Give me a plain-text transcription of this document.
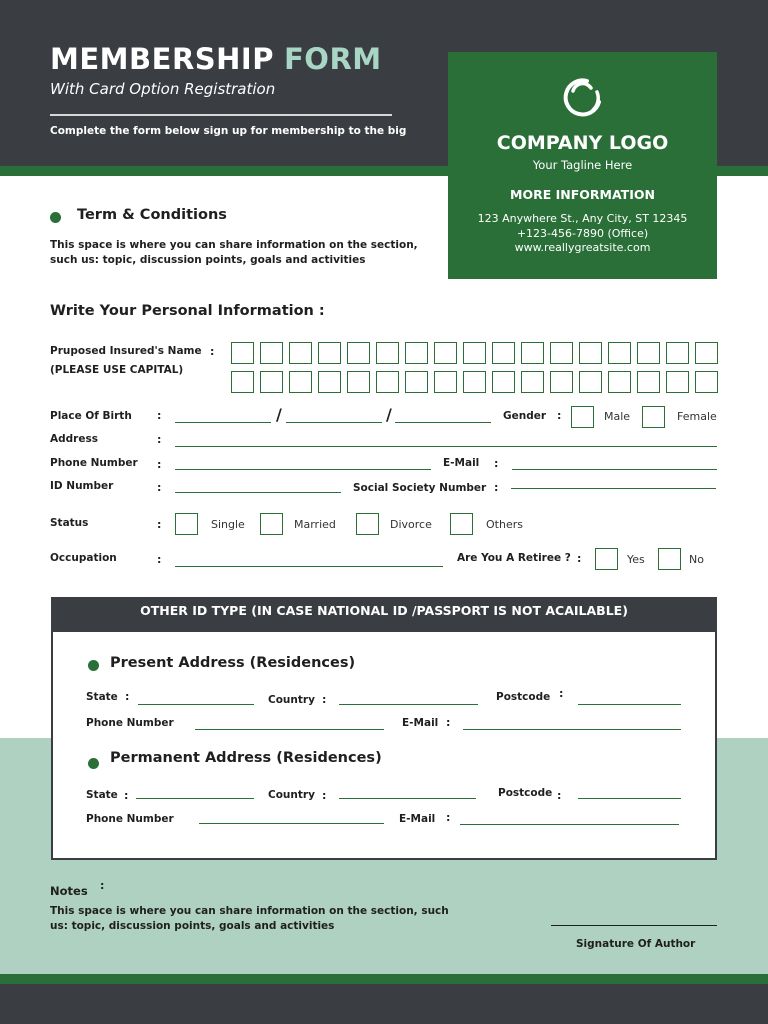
MEMBERSHIP FORM
With Card Option Registration
Complete the form below sign up for membership to the big
COMPANY LOGO
Your Tagline Here
MORE INFORMATION
123 Anywhere St., Any City, ST 12345
+123-456-7890 (Office)
www.reallygreatsite.com
Term & Conditions
This space is where you can share information on the section, such us: topic, discussion points, goals and activities
Write Your Personal Information :
Pruposed Insured's Name :
(PLEASE USE CAPITAL)
Place Of Birth :	/	/	Gender :	Male	Female
Address	:
Phone Number :	E-Mail :
ID Number	:	Social Society Number :
Status	:	Single	Married	Divorce	Others
Occupation	:	Are You A Retiree ? :	Yes	No
OTHER ID TYPE (IN CASE NATIONAL ID /PASSPORT IS NOT ACAILABLE)
Present Address (Residences)
State :	Country :	Postcode :
Phone Number	E-Mail :
Permanent Address (Residences)
State :	Country :	Postcode :
Phone Number	E-Mail :
Notes :
This space is where you can share information on the section, such us: topic, discussion points, goals and activities
Signature Of Author
